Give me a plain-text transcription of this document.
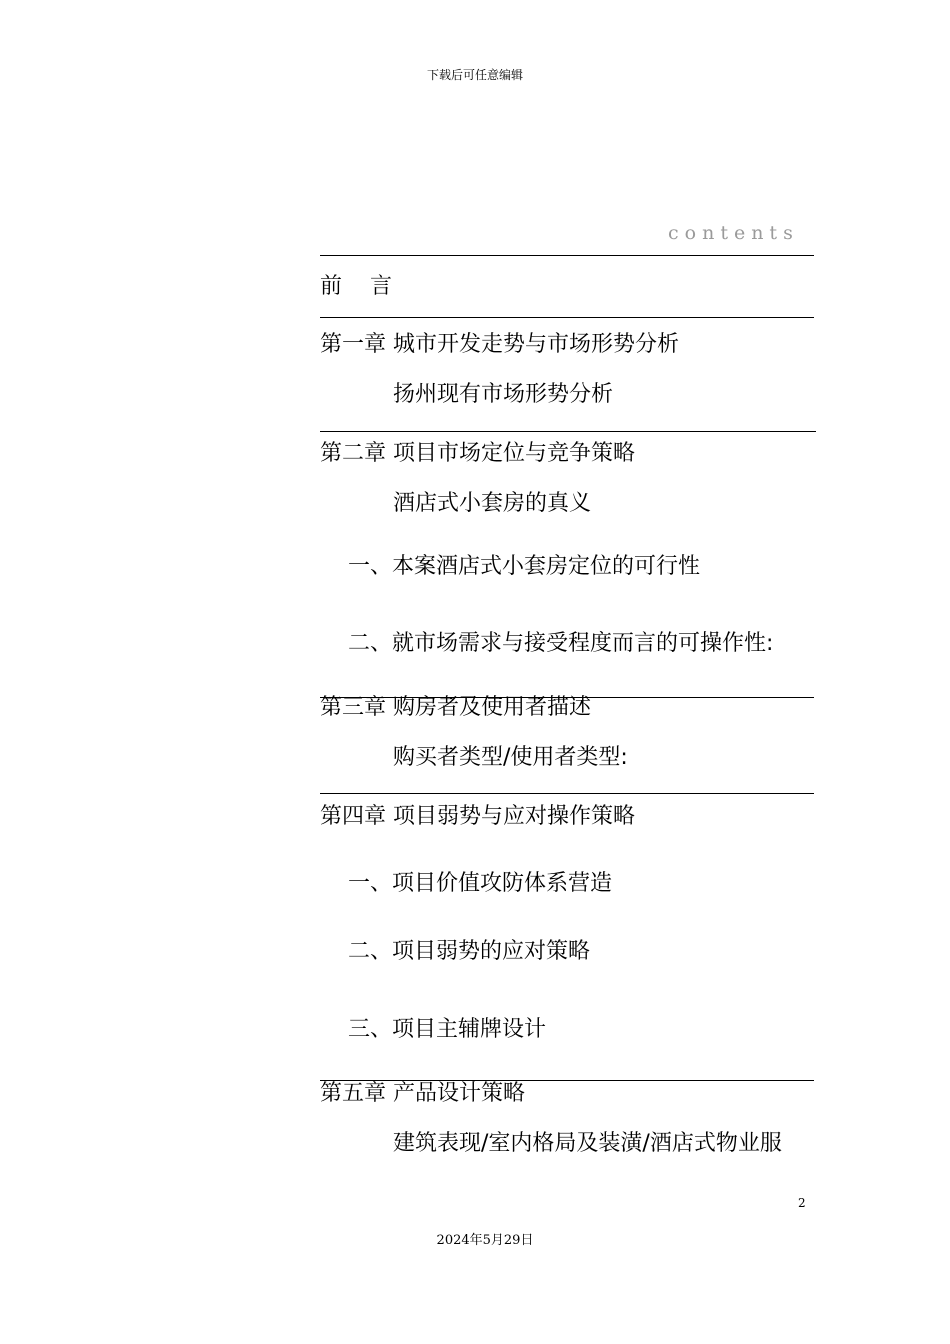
下载后可任意编辑
contents
前 言
第一章 城市开发走势与市场形势分析
扬州现有市场形势分析
第二章 项目市场定位与竞争策略
酒店式小套房的真义
一、本案酒店式小套房定位的可行性
二、就市场需求与接受程度而言的可操作性:
第三章 购房者及使用者描述
购买者类型/使用者类型:
第四章 项目弱势与应对操作策略
一、项目价值攻防体系营造
二、项目弱势的应对策略
三、项目主辅牌设计
第五章 产品设计策略
建筑表现/室内格局及装潢/酒店式物业服
2
2024年5月29日
